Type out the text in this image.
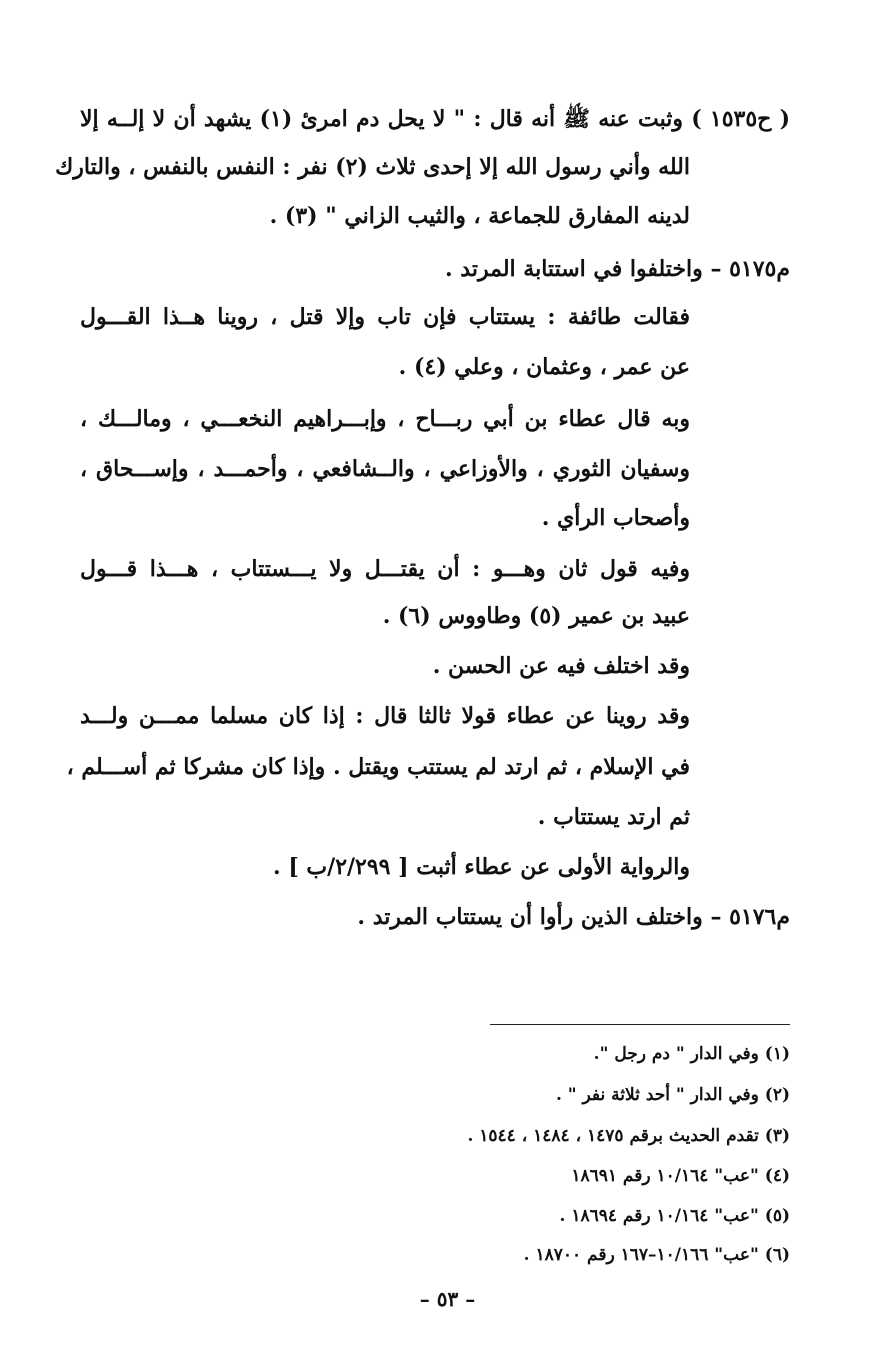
( ح١٥٣٥ ) وثبت عنه ﷺ أنه قال : " لا يحل دم امرئ (١) يشهد أن لا إلــه إلا
الله وأني رسول الله إلا إحدى ثلاث (٢) نفر : النفس بالنفس ، والتارك
لدينه المفارق للجماعة ، والثيب الزاني " (٣) .
م٥١٧٥ – واختلفوا في استتابة المرتد .
فقالت طائفة : يستتاب فإن تاب وإلا قتل ، روينا هــذا القـــول
عن عمر ، وعثمان ، وعلي (٤) .
وبه قال عطاء بن أبي ربـــاح ، وإبـــراهيم النخعـــي ، ومالـــك ،
وسفيان الثوري ، والأوزاعي ، والــشافعي ، وأحمـــد ، وإســـحاق ،
وأصحاب الرأي .
وفيه قول ثان وهـــو : أن يقتـــل ولا يـــستتاب ، هـــذا قـــول
عبيد بن عمير (٥) وطاووس (٦) .
وقد اختلف فيه عن الحسن .
وقد روينا عن عطاء قولا ثالثا قال : إذا كان مسلما ممـــن ولـــد
في الإسلام ، ثم ارتد لم يستتب ويقتل . وإذا كان مشركا ثم أســـلم ،
ثم ارتد يستتاب .
والرواية الأولى عن عطاء أثبت [ ٢/٢٩٩/ب ] .
م٥١٧٦ – واختلف الذين رأوا أن يستتاب المرتد .
(١) وفي الدار " دم رجل ".
(٢) وفي الدار " أحد ثلاثة نفر " .
(٣) تقدم الحديث برقم ١٤٧٥ ، ١٤٨٤ ، ١٥٤٤ .
(٤) "عب" ١٠/١٦٤ رقم ١٨٦٩١
(٥) "عب" ١٠/١٦٤ رقم ١٨٦٩٤ .
(٦) "عب" ١٠/١٦٦–١٦٧ رقم ١٨٧٠٠ .
– ٥٣ –
